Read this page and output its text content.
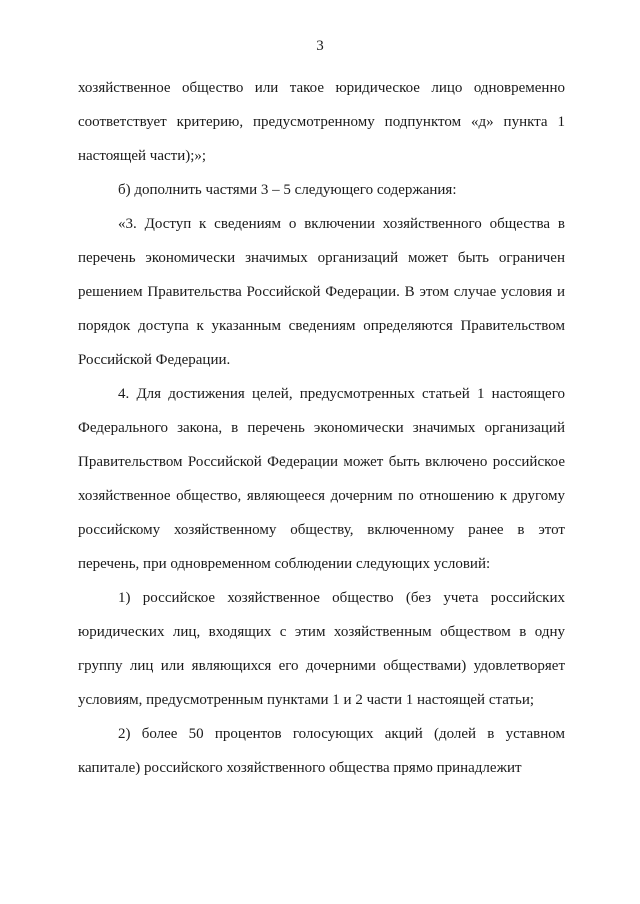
3

хозяйственное общество или такое юридическое лицо одновременно соответствует критерию, предусмотренному подпунктом «д» пункта 1 настоящей части);»;

б) дополнить частями 3 – 5 следующего содержания:

«3. Доступ к сведениям о включении хозяйственного общества в перечень экономически значимых организаций может быть ограничен решением Правительства Российской Федерации. В этом случае условия и порядок доступа к указанным сведениям определяются Правительством Российской Федерации.

4. Для достижения целей, предусмотренных статьей 1 настоящего Федерального закона, в перечень экономически значимых организаций Правительством Российской Федерации может быть включено российское хозяйственное общество, являющееся дочерним по отношению к другому российскому хозяйственному обществу, включенному ранее в этот перечень, при одновременном соблюдении следующих условий:

1) российское хозяйственное общество (без учета российских юридических лиц, входящих с этим хозяйственным обществом в одну группу лиц или являющихся его дочерними обществами) удовлетворяет условиям, предусмотренным пунктами 1 и 2 части 1 настоящей статьи;

2) более 50 процентов голосующих акций (долей в уставном капитале) российского хозяйственного общества прямо принадлежит
